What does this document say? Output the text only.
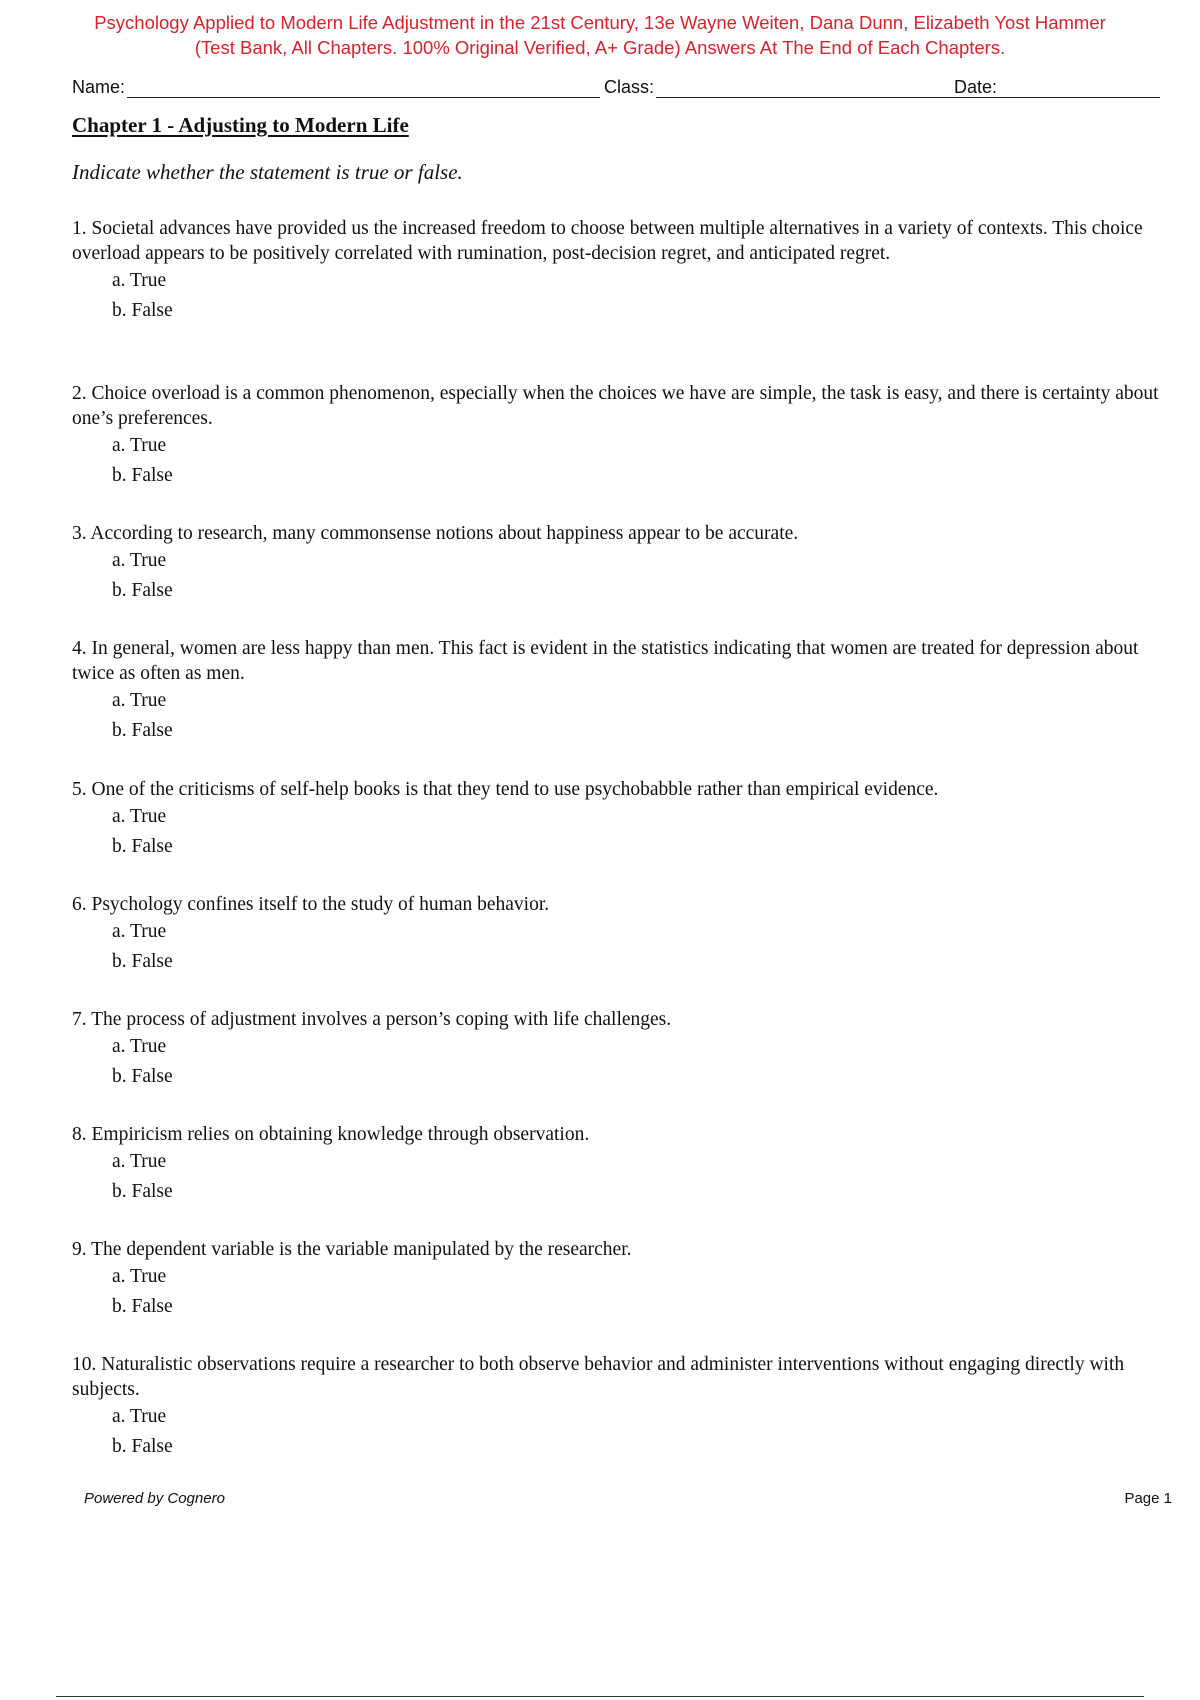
Psychology Applied to Modern Life Adjustment in the 21st Century, 13e Wayne Weiten, Dana Dunn, Elizabeth Yost Hammer
(Test Bank, All Chapters. 100% Original Verified, A+ Grade) Answers At The End of Each Chapters.
Name:	Class:	Date:
Chapter 1 - Adjusting to Modern Life
Indicate whether the statement is true or false.

1. Societal advances have provided us the increased freedom to choose between multiple alternatives in a variety of contexts. This choice overload appears to be positively correlated with rumination, post-decision regret, and anticipated regret.

a. True
b. False

2. Choice overload is a common phenomenon, especially when the choices we have are simple, the task is easy, and there is certainty about one’s preferences.

a. True
b. False

3. According to research, many commonsense notions about happiness appear to be accurate.

a. True
b. False

4. In general, women are less happy than men. This fact is evident in the statistics indicating that women are treated for depression about twice as often as men.

a. True
b. False

5. One of the criticisms of self-help books is that they tend to use psychobabble rather than empirical evidence.

a. True
b. False

6. Psychology confines itself to the study of human behavior.

a. True
b. False

7. The process of adjustment involves a person’s coping with life challenges.

a. True
b. False

8. Empiricism relies on obtaining knowledge through observation.

a. True
b. False

9. The dependent variable is the variable manipulated by the researcher.

a. True
b. False

10. Naturalistic observations require a researcher to both observe behavior and administer interventions without engaging directly with subjects.

a. True
b. False
Powered by Cognero	Page 1
